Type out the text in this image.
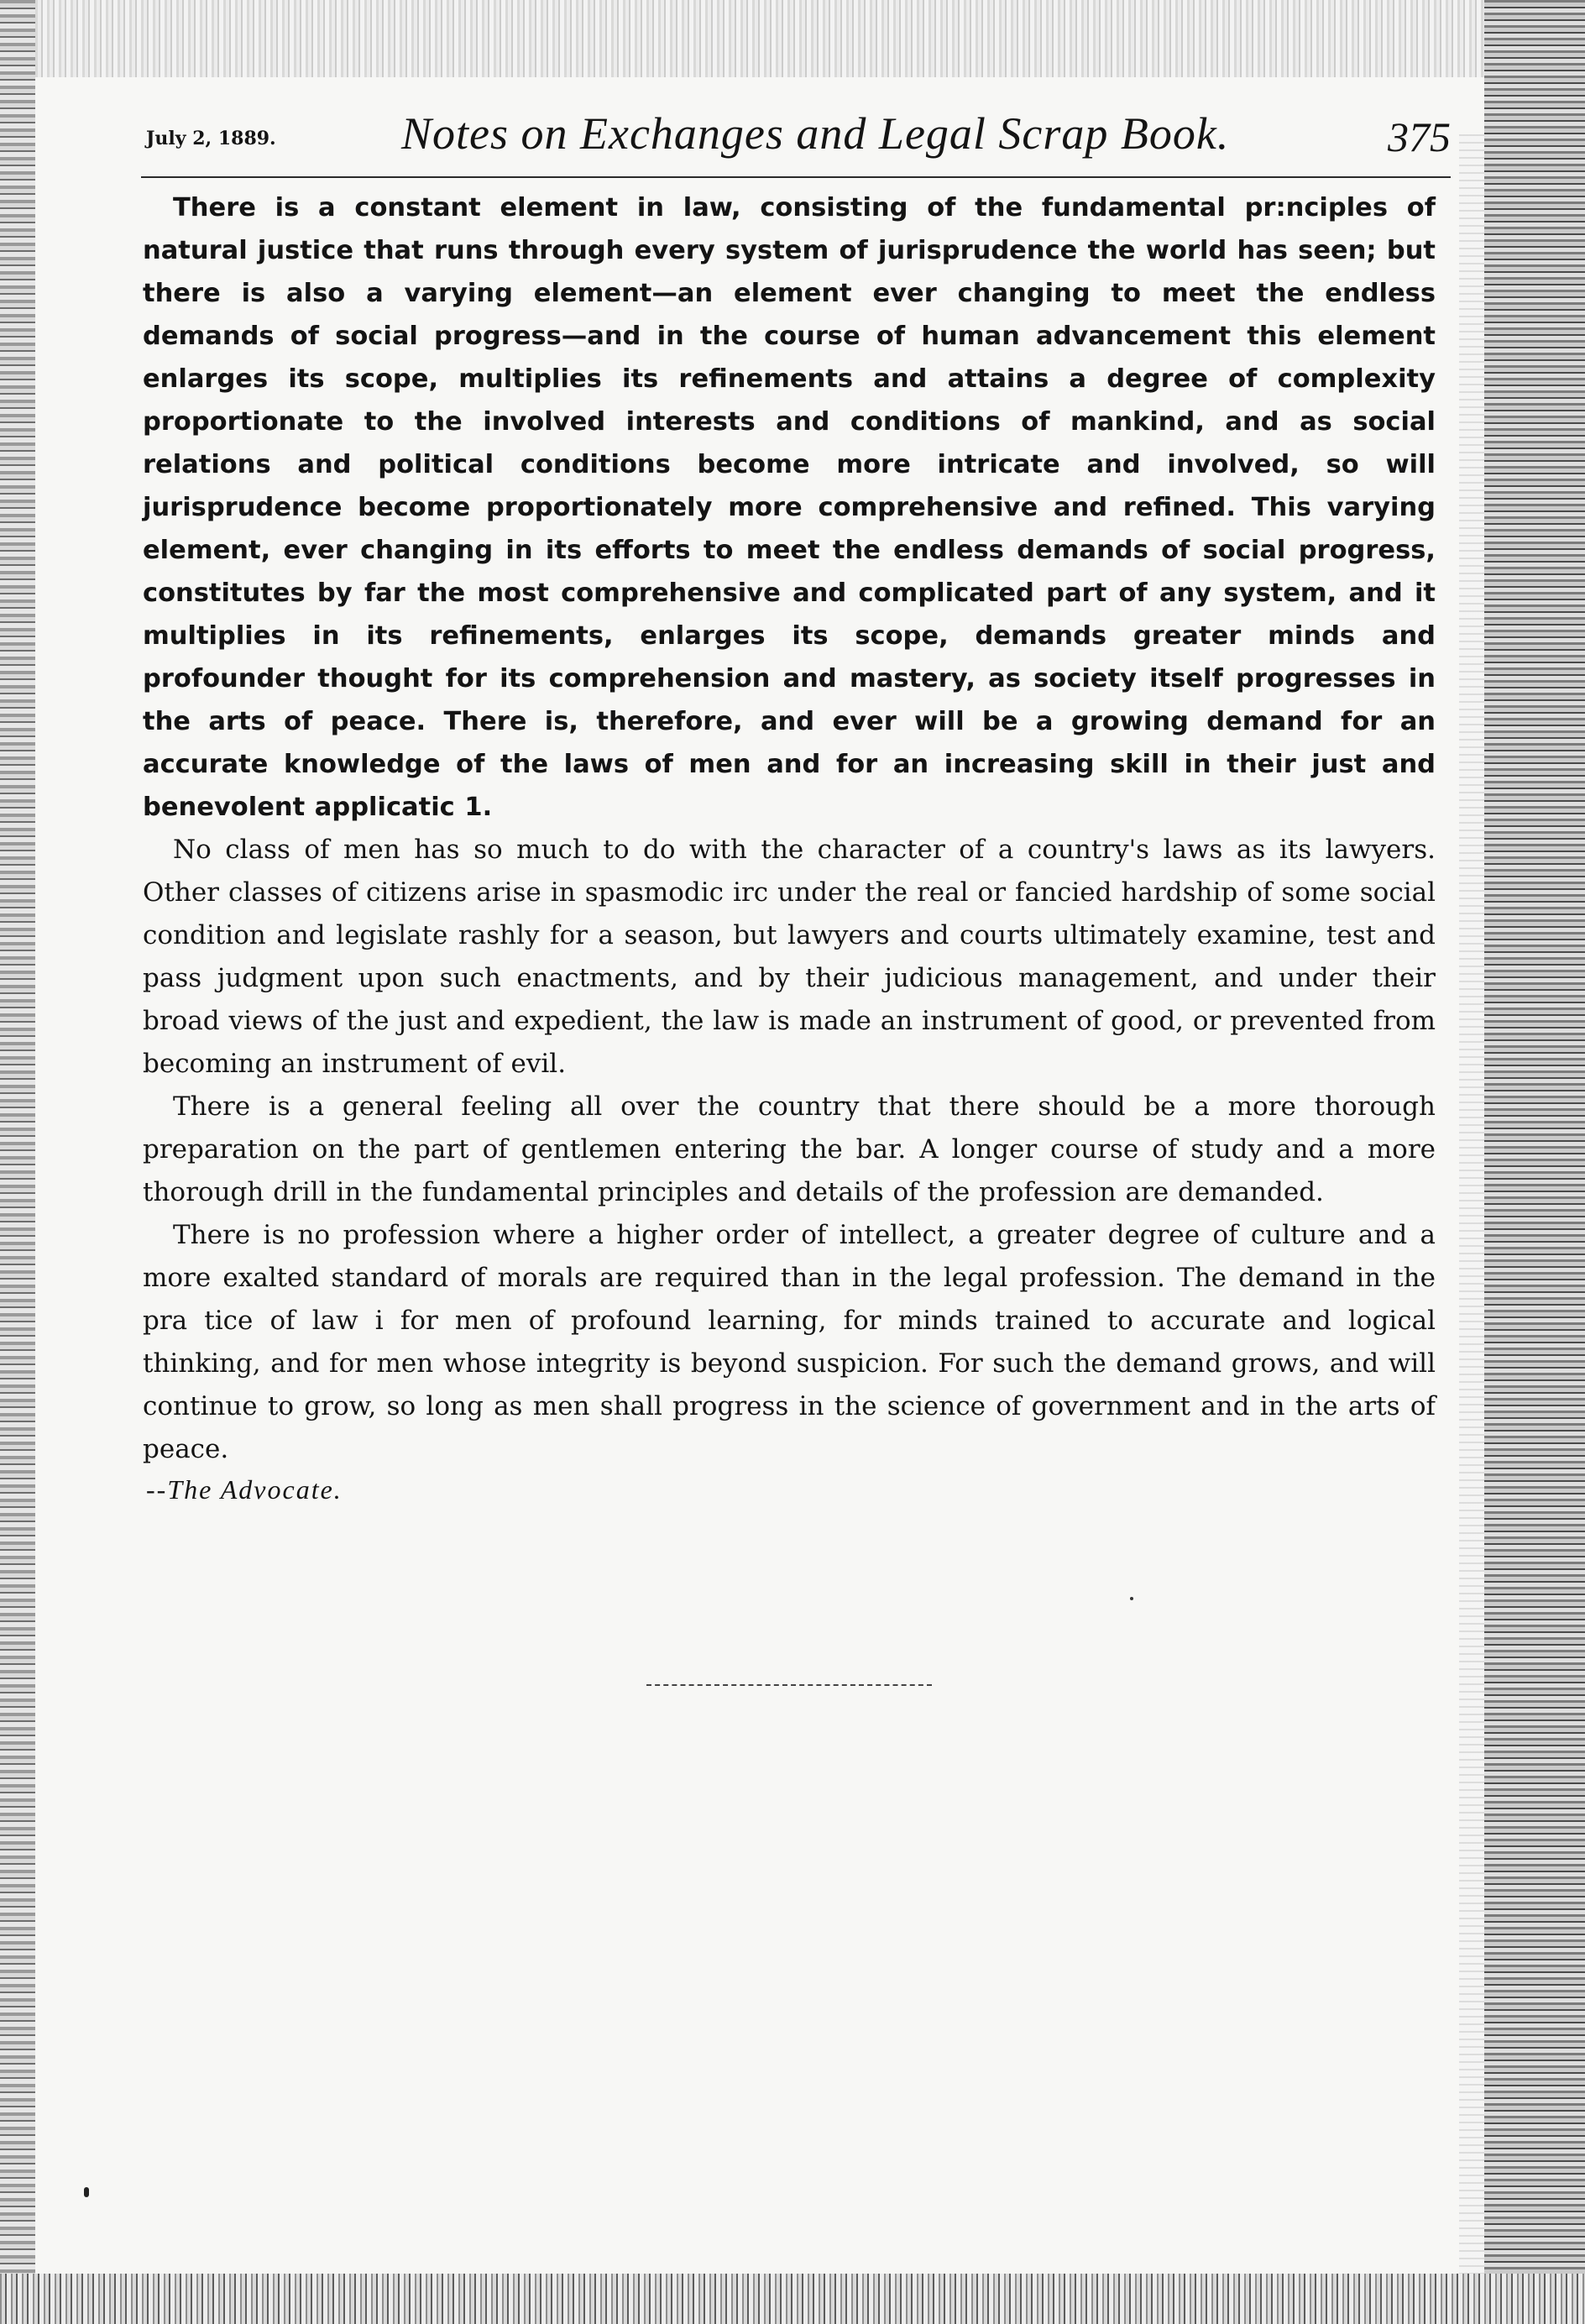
July 2, 1889.	Notes on Exchanges and Legal Scrap Book.	375

There is a constant element in law, consisting of the fundamental pr:nciples of natural justice that runs through every system of jurisprudence the world has seen; but there is also a varying element—an element ever changing to meet the endless demands of social progress—and in the course of human advancement this element enlarges its scope, multiplies its refinements and attains a degree of complexity proportionate to the involved interests and conditions of mankind, and as social relations and political conditions become more intricate and involved, so will jurisprudence become proportionately more comprehensive and refined. This varying element, ever changing in its efforts to meet the endless demands of social progress, constitutes by far the most comprehensive and complicated part of any system, and it multiplies in its refinements, enlarges its scope, demands greater minds and profounder thought for its comprehension and mastery, as society itself progresses in the arts of peace. There is, therefore, and ever will be a growing demand for an accurate knowledge of the laws of men and for an increasing skill in their just and benevolent applicatic 1.

No class of men has so much to do with the character of a country's laws as its lawyers. Other classes of citizens arise in spasmodic irc under the real or fancied hardship of some social condition and legislate rashly for a season, but lawyers and courts ultimately examine, test and pass judgment upon such enactments, and by their judicious management, and under their broad views of the just and expedient, the law is made an instrument of good, or prevented from becoming an instrument of evil.

There is a general feeling all over the country that there should be a more thorough preparation on the part of gentlemen entering the bar. A longer course of study and a more thorough drill in the fundamental principles and details of the profession are demanded.

There is no profession where a higher order of intellect, a greater degree of culture and a more exalted standard of morals are required than in the legal profession. The demand in the pra tice of law i for men of profound learning, for minds trained to accurate and logical thinking, and for men whose integrity is beyond suspicion. For such the demand grows, and will continue to grow, so long as men shall progress in the science of government and in the arts of peace.

--The Advocate.
